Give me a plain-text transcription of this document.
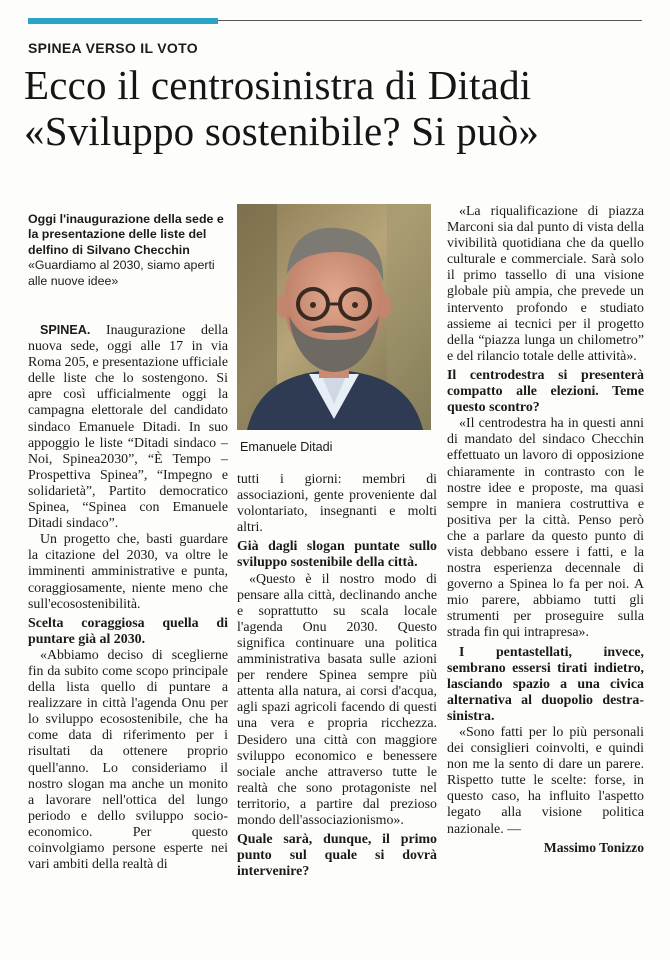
SPINEA VERSO IL VOTO
Ecco il centrosinistra di Ditadi
«Sviluppo sostenibile? Si può»
Oggi l'inaugurazione della sede e la presentazione delle liste del delfino di Silvano Checchin
«Guardiamo al 2030, siamo aperti alle nuove idee»

SPINEA. Inaugurazione della nuova sede, oggi alle 17 in via Roma 205, e presentazione ufficiale delle liste che lo sostengono. Si apre così ufficialmente oggi la campagna elettorale del candidato sindaco Emanuele Ditadi. In suo appoggio le liste “Ditadi sindaco – Noi, Spinea2030”, “È Tempo – Prospettiva Spinea”, “Impegno e solidarietà”, Partito democratico Spinea, “Spinea con Emanuele Ditadi sindaco”.

Un progetto che, basti guardare la citazione del 2030, va oltre le imminenti amministrative e punta, coraggiosamente, niente meno che sull'ecosostenibilità.

Scelta coraggiosa quella di puntare già al 2030.

«Abbiamo deciso di sceglierne fin da subito come scopo principale della lista quello di puntare a realizzare in città l'agenda Onu per lo sviluppo ecosostenibile, che ha come data di riferimento per i risultati da ottenere proprio quell'anno. Lo consideriamo il nostro slogan ma anche un monito a lavorare nell'ottica del lungo periodo e dello sviluppo socio-economico. Per questo coinvolgiamo persone esperte nei vari ambiti della realtà di

Emanuele Ditadi

tutti i giorni: membri di associazioni, gente proveniente dal volontariato, insegnanti e molti altri.

Già dagli slogan puntate sullo sviluppo sostenibile della città.

«Questo è il nostro modo di pensare alla città, declinando anche e soprattutto su scala locale l'agenda Onu 2030. Questo significa continuare una politica amministrativa basata sulle azioni per rendere Spinea sempre più attenta alla natura, ai corsi d'acqua, agli spazi agricoli facendo di questi una vera e propria ricchezza. Desidero una città con maggiore sviluppo economico e benessere sociale anche attraverso tutte le realtà che sono protagoniste nel territorio, a partire dal prezioso mondo dell'associazionismo».

Quale sarà, dunque, il primo punto sul quale si dovrà intervenire?

«La riqualificazione di piazza Marconi sia dal punto di vista della vivibilità quotidiana che da quello culturale e commerciale. Sarà solo il primo tassello di una visione globale più ampia, che prevede un intervento profondo e studiato assieme ai tecnici per il progetto della “piazza lunga un chilometro” e del rilancio totale delle attività».

Il centrodestra si presenterà compatto alle elezioni. Teme questo scontro?

«Il centrodestra ha in questi anni di mandato del sindaco Checchin effettuato un lavoro di opposizione chiaramente in contrasto con le nostre idee e proposte, ma quasi sempre in maniera costruttiva e positiva per la città. Penso però che a parlare da questo punto di vista debbano essere i fatti, e la nostra esperienza decennale di governo a Spinea lo fa per noi. A mio parere, abbiamo tutti gli strumenti per proseguire sulla strada fin qui intrapresa».

I pentastellati, invece, sembrano essersi tirati indietro, lasciando spazio a una civica alternativa al duopolio destra-sinistra.

«Sono fatti per lo più personali dei consiglieri coinvolti, e quindi non me la sento di dare un parere. Rispetto tutte le scelte: forse, in questo caso, ha influito l'aspetto legato alla visione politica nazionale. —

Massimo Tonizzo
